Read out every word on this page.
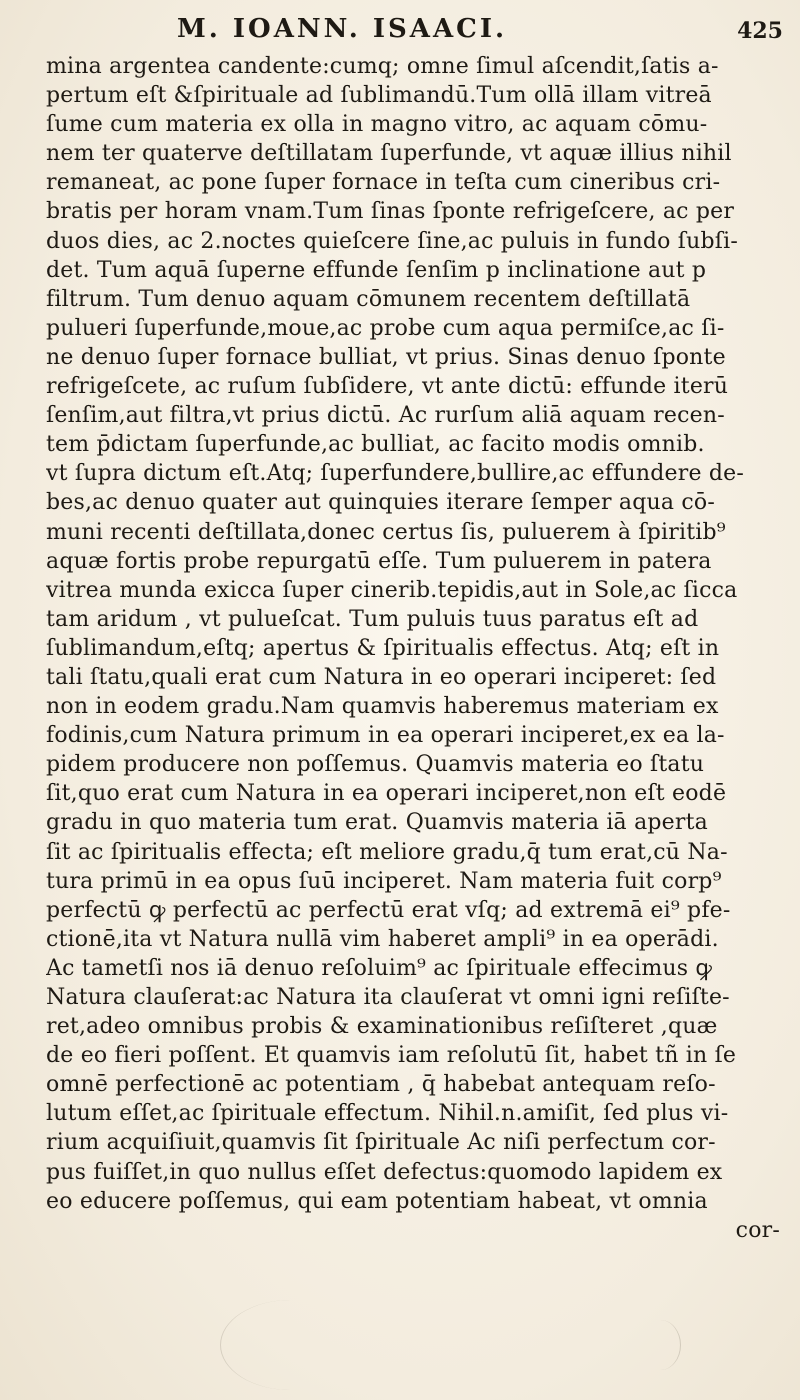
M. IOANN. ISAACI.	425
mina argentea candente:cumq; omne ſimul aſcendit,ſatis a-
pertum eſt &ſpirituale ad ſublimandū.Tum ollā illam vitreā
ſume cum materia ex olla in magno vitro, ac aquam cōmu-
nem ter quaterve deſtillatam ſuperfunde, vt aquæ illius nihil
remaneat, ac pone ſuper fornace in teſta cum cineribus cri-
bratis per horam vnam.Tum ſinas ſponte refrigeſcere, ac per
duos dies, ac 2.noctes quieſcere ſine,ac puluis in fundo ſubſi-
det. Tum aquā ſuperne effunde ſenſim p inclinatione aut p
filtrum. Tum denuo aquam cōmunem recentem deſtillatā
pulueri ſuperfunde,moue,ac probe cum aqua permiſce,ac ſi-
ne denuo ſuper fornace bulliat, vt prius. Sinas denuo ſponte
refrigeſcete, ac ruſum ſubſidere, vt ante dictū: effunde iterū
ſenſim,aut filtra,vt prius dictū. Ac rurſum aliā aquam recen-
tem p̄dictam ſuperfunde,ac bulliat, ac facito modis omnib.
vt ſupra dictum eſt.Atq; ſuperfundere,bullire,ac effundere de-
bes,ac denuo quater aut quinquies iterare ſemper aqua cō-
muni recenti deſtillata,donec certus ſis, puluerem à ſpiritib⁹
aquæ fortis probe repurgatū eſſe. Tum puluerem in patera
vitrea munda exicca ſuper cinerib.tepidis,aut in Sole,ac ſicca
tam aridum , vt pulueſcat. Tum puluis tuus paratus eſt ad
ſublimandum,eſtq; apertus & ſpiritualis effectus. Atq; eſt in
tali ſtatu,quali erat cum Natura in eo operari inciperet: ſed
non in eodem gradu.Nam quamvis haberemus materiam ex
fodinis,cum Natura primum in ea operari inciperet,ex ea la-
pidem producere non poſſemus. Quamvis materia eo ſtatu
ſit,quo erat cum Natura in ea operari inciperet,non eſt eodē
gradu in quo materia tum erat. Quamvis materia iā aperta
ſit ac ſpiritualis effecta; eſt meliore gradu,q̄ tum erat,cū Na-
tura primū in ea opus ſuū inciperet. Nam materia fuit corp⁹
perfectū ꝙ perfectū ac perfectū erat vſq; ad extremā ei⁹ pfe-
ctionē,ita vt Natura nullā vim haberet ampli⁹ in ea operādi.
Ac tametſi nos iā denuo reſoluim⁹ ac ſpirituale effecimus ꝙ
Natura clauſerat:ac Natura ita clauſerat vt omni igni reſiſte-
ret,adeo omnibus probis & examinationibus reſiſteret ,quæ
de eo fieri poſſent. Et quamvis iam reſolutū ſit, habet tñ in ſe
omnē perfectionē ac potentiam , q̄ habebat antequam reſo-
lutum eſſet,ac ſpirituale effectum. Nihil.n.amiſit, ſed plus vi-
rium acquiſiuit,quamvis ſit ſpirituale Ac niſi perfectum cor-
pus fuiſſet,in quo nullus eſſet defectus:quomodo lapidem ex
eo educere poſſemus, qui eam potentiam habeat, vt omnia
cor-
